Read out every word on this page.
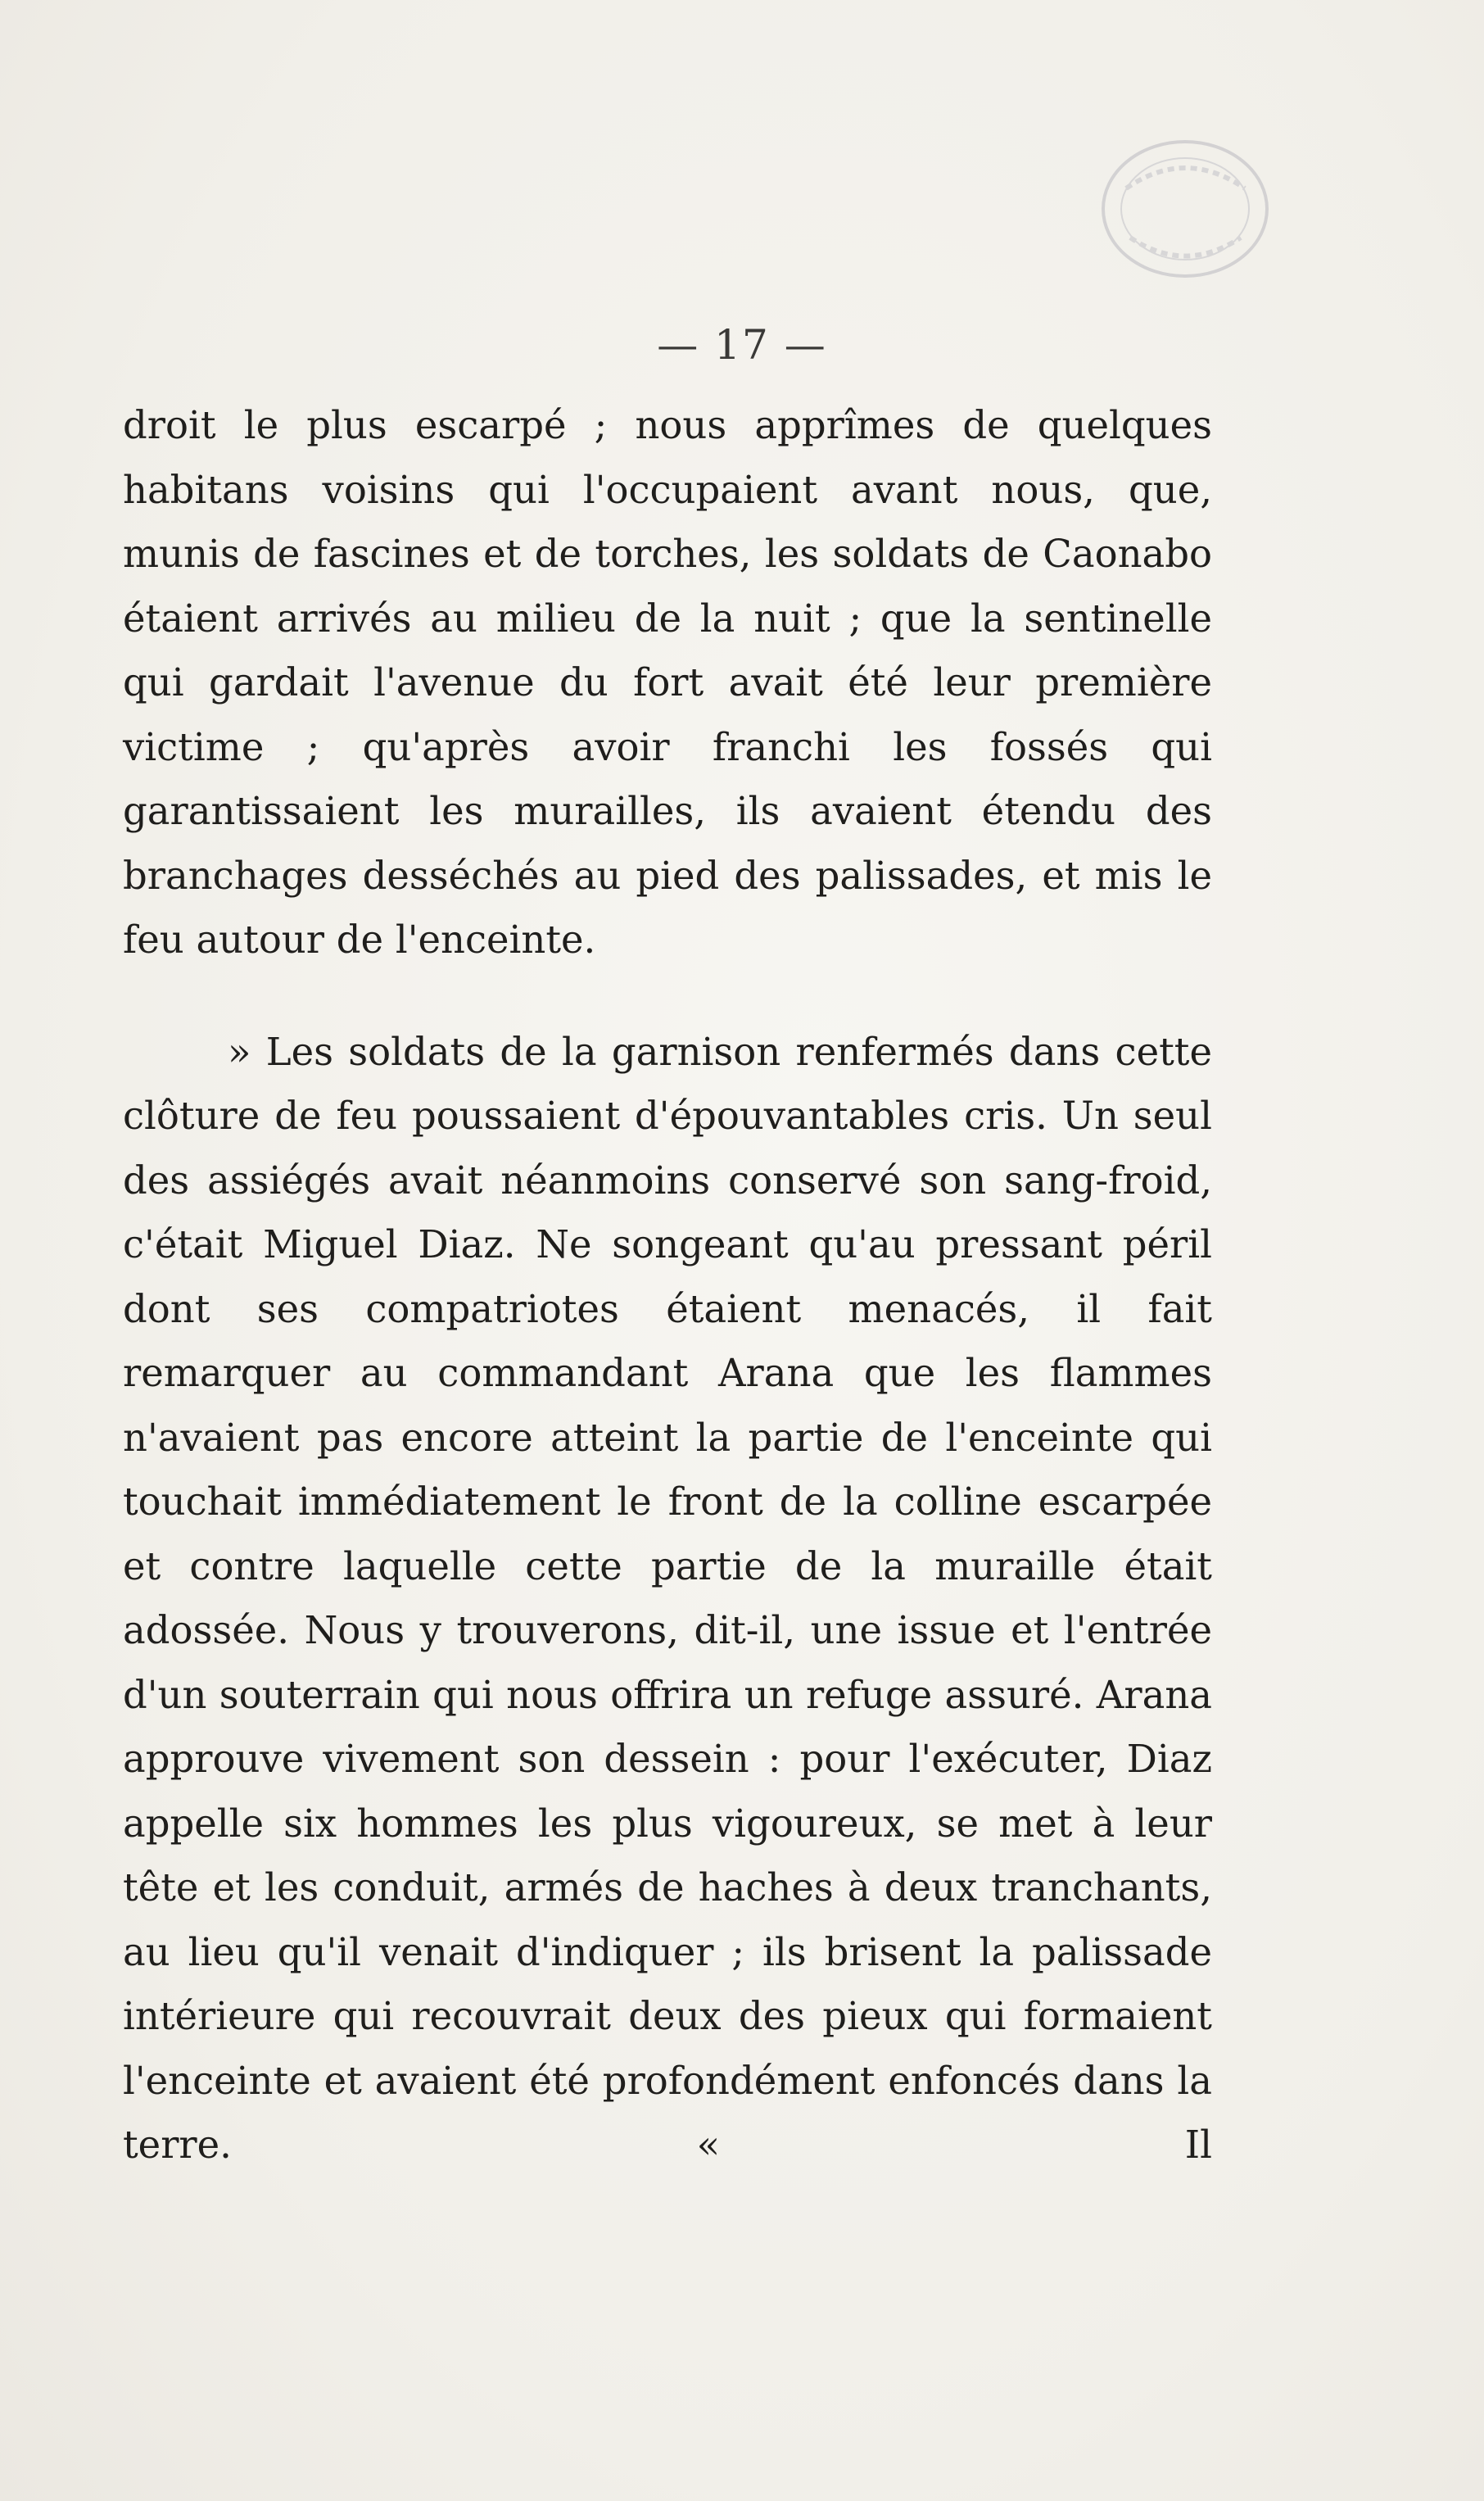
— 17 —

droit le plus escarpé ; nous apprîmes de quelques habitans voisins qui l'occupaient avant nous, que, munis de fascines et de torches, les soldats de Caonabo étaient arrivés au milieu de la nuit ; que la sentinelle qui gardait l'avenue du fort avait été leur première victime ; qu'après avoir franchi les fossés qui garantissaient les murailles, ils avaient étendu des branchages desséchés au pied des palissades, et mis le feu autour de l'enceinte.

» Les soldats de la garnison renfermés dans cette clôture de feu poussaient d'épouvantables cris. Un seul des assiégés avait néanmoins conservé son sang-froid, c'était Miguel Diaz. Ne songeant qu'au pressant péril dont ses compatriotes étaient menacés, il fait remarquer au commandant Arana que les flammes n'avaient pas encore atteint la partie de l'enceinte qui touchait immédiatement le front de la colline escarpée et contre laquelle cette partie de la muraille était adossée. Nous y trouverons, dit-il, une issue et l'entrée d'un souterrain qui nous offrira un refuge assuré. Arana approuve vivement son dessein : pour l'exécuter, Diaz appelle six hommes les plus vigoureux, se met à leur tête et les conduit, armés de haches à deux tranchants, au lieu qu'il venait d'indiquer ; ils brisent la palissade intérieure qui recouvrait deux des pieux qui formaient l'enceinte et avaient été profondément enfoncés dans la terre. « Il
